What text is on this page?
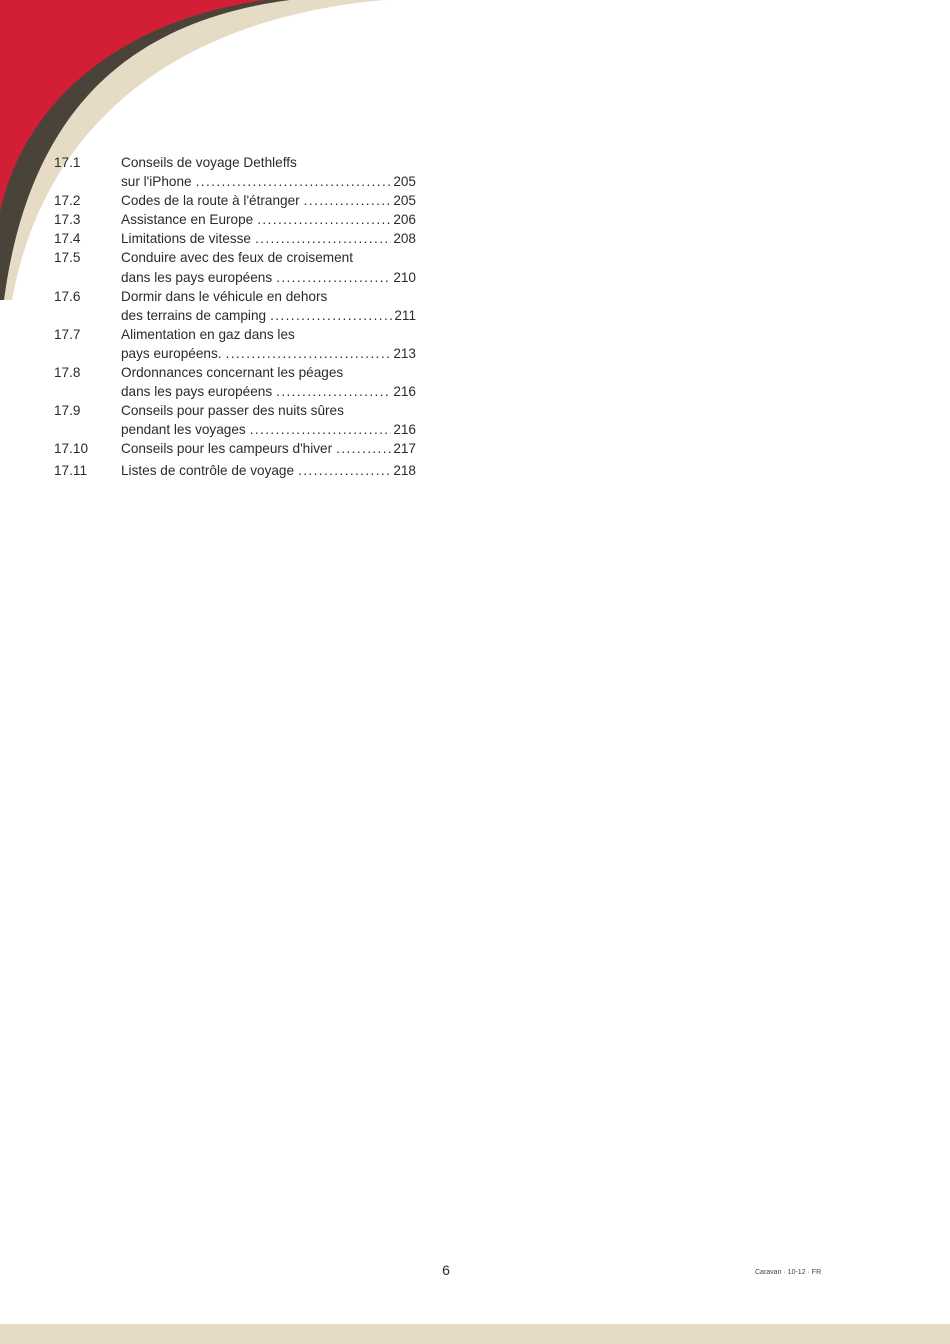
17.1	Conseils de voyage Dethleffs
sur l'iPhone .....	205
17.2	Codes de la route à l'étranger .....	205
17.3	Assistance en Europe .....	206
17.4	Limitations de vitesse .....	208
17.5	Conduire avec des feux de croisement
dans les pays européens .....	210
17.6	Dormir dans le véhicule en dehors
des terrains de camping .....	211
17.7	Alimentation en gaz dans les
pays européens. .....	213
17.8	Ordonnances concernant les péages
dans les pays européens .....	216
17.9	Conseils pour passer des nuits sûres
pendant les voyages .....	216
17.10 Conseils pour les campeurs d'hiver .....	217
17.11 Listes de contrôle de voyage .....	218
6	Caravan · 10-12 · FR
